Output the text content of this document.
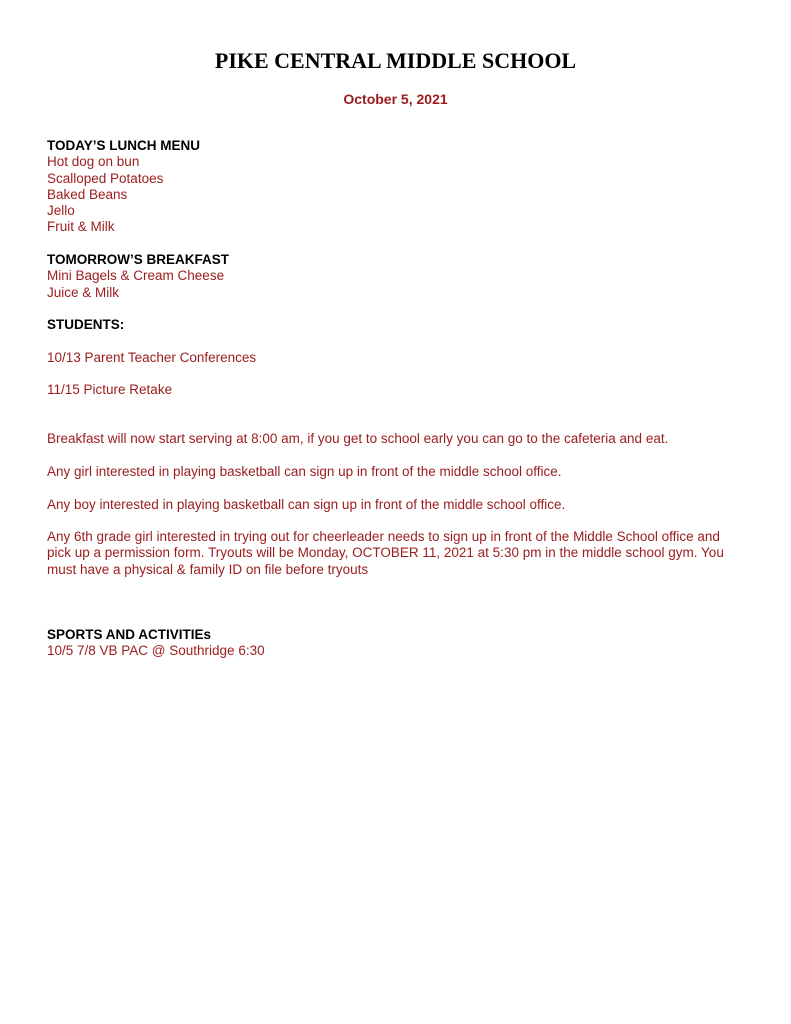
PIKE CENTRAL MIDDLE SCHOOL
October 5, 2021
TODAY’S LUNCH MENU
Hot dog on bun
Scalloped Potatoes
Baked Beans
Jello
Fruit & Milk
TOMORROW’S BREAKFAST
Mini Bagels & Cream Cheese
Juice & Milk
STUDENTS:
10/13 Parent Teacher Conferences
11/15 Picture Retake
Breakfast will now start serving at 8:00 am, if you get to school early you can go to the cafeteria and eat.
Any girl interested in playing basketball can sign up in front of the middle school office.
Any boy interested in playing basketball can sign up in front of the middle school office.
Any 6th grade girl interested in trying out for cheerleader needs to sign up in front of the Middle School office and pick up a permission form. Tryouts will be Monday, OCTOBER 11, 2021 at 5:30 pm in the middle school gym. You must have a physical & family ID on file before tryouts
SPORTS AND ACTIVITIEs
10/5 7/8 VB PAC @ Southridge 6:30
